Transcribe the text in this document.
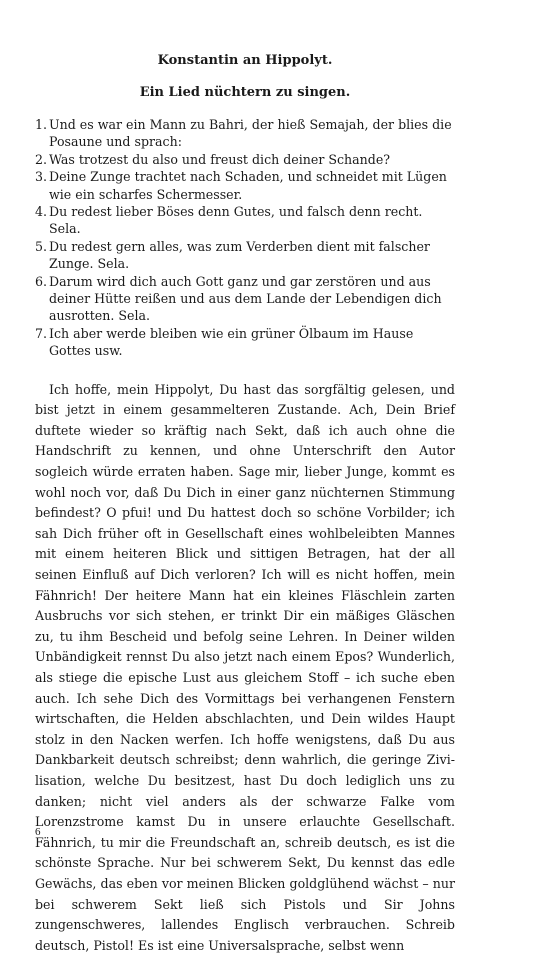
Konstantin an Hippolyt.
Ein Lied nüchtern zu singen.
1. Und es war ein Mann zu Bahri, der hieß Semajah, der blies die Posaune und sprach:
2. Was trotzest du also und freust dich deiner Schande?
3. Deine Zunge trachtet nach Schaden, und schneidet mit Lügen wie ein scharfes Schermesser.
4. Du redest lieber Böses denn Gutes, und falsch denn recht. Sela.
5. Du redest gern alles, was zum Verderben dient mit falscher Zunge. Sela.
6. Darum wird dich auch Gott ganz und gar zerstören und aus deiner Hütte reißen und aus dem Lande der Lebendigen dich ausrotten. Sela.
7. Ich aber werde bleiben wie ein grüner Ölbaum im Hause Gottes usw.

Ich hoffe, mein Hippolyt, Du hast das sorgfältig gelesen, und bist jetzt in einem gesammelteren Zustande. Ach, Dein Brief duftete wieder so kräftig nach Sekt, daß ich auch ohne die Handschrift zu kennen, und ohne Unterschrift den Autor sogleich würde erraten haben. Sage mir, lieber Junge, kommt es wohl noch vor, daß Du Dich in einer ganz nüchternen Stimmung befindest? O pfui! und Du hattest doch so schöne Vorbilder; ich sah Dich früher oft in Gesellschaft eines wohlbeleibten Mannes mit einem heiteren Blick und sittigen Betragen, hat der all seinen Einfluß auf Dich verloren? Ich will es nicht hoffen, mein Fähnrich! Der heitere Mann hat ein kleines Fläschlein zarten Ausbruchs vor sich stehen, er trinkt Dir ein mäßiges Gläschen zu, tu ihm Bescheid und befolg seine Lehren. In Deiner wilden Unbändigkeit rennst Du also jetzt nach einem Epos? Wunderlich, als stiege die epische Lust aus gleichem Stoff – ich suche eben auch. Ich sehe Dich des Vormittags bei verhangenen Fenstern wirtschaften, die Helden abschlachten, und Dein wildes Haupt stolz in den Nacken werfen. Ich hoffe wenigstens, daß Du aus Dankbarkeit deutsch schreibst; denn wahrlich, die geringe Zivilisation, welche Du besitzest, hast Du doch lediglich uns zu danken; nicht viel anders als der schwarze Falke vom Lorenzstrome kamst Du in unsere erlauchte Gesellschaft. Fähnrich, tu mir die Freundschaft an, schreib deutsch, es ist die schönste Sprache. Nur bei schwerem Sekt, Du kennst das edle Gewächs, das eben vor meinen Blicken goldglühend wächst – nur bei schwerem Sekt ließ sich Pistols und Sir Johns zungenschweres, lallendes Englisch verbrauchen. Schreib deutsch, Pistol! Es ist eine Universalsprache, selbst wenn

6
